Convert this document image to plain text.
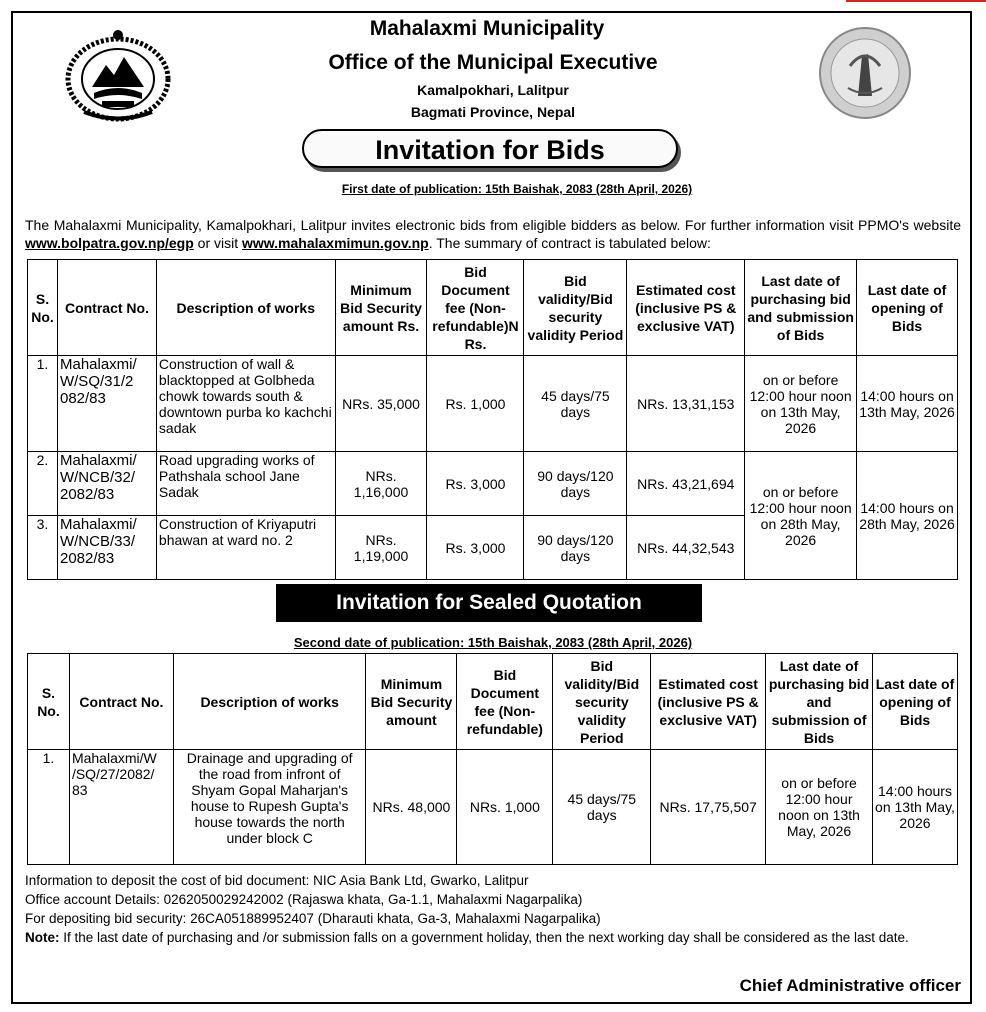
Mahalaxmi Municipality
Office of the Municipal Executive
Kamalpokhari, Lalitpur
Bagmati Province, Nepal
Invitation for Bids
First date of publication: 15th Baishak, 2083 (28th April, 2026)
The Mahalaxmi Municipality, Kamalpokhari, Lalitpur invites electronic bids from eligible bidders as below. For further information visit PPMO's website www.bolpatra.gov.np/egp or visit www.mahalaxmimun.gov.np. The summary of contract is tabulated below:
S. No.	Contract No.	Description of works	Minimum Bid Security amount Rs.	Bid Document fee (Non-refundable)N Rs.	Bid validity/Bid security validity Period	Estimated cost (inclusive PS & exclusive VAT)	Last date of purchasing bid and submission of Bids	Last date of opening of Bids
1.	Mahalaxmi/ W/SQ/31/2 082/83	Construction of wall & blacktopped at Golbheda chowk towards south & downtown purba ko kachchi sadak	NRs. 35,000	Rs. 1,000	45 days/75 days	NRs. 13,31,153	on or before 12:00 hour noon on 13th May, 2026	14:00 hours on 13th May, 2026
2.	Mahalaxmi/ W/NCB/32/ 2082/83	Road upgrading works of Pathshala school Jane Sadak	NRs. 1,16,000	Rs. 3,000	90 days/120 days	NRs. 43,21,694	on or before 12:00 hour noon on 28th May, 2026	14:00 hours on 28th May, 2026
3.	Mahalaxmi/ W/NCB/33/ 2082/83	Construction of Kriyaputri bhawan at ward no. 2	NRs. 1,19,000	Rs. 3,000	90 days/120 days	NRs. 44,32,543		
Invitation for Sealed Quotation
Second date of publication: 15th Baishak, 2083 (28th April, 2026)
S. No.	Contract No.	Description of works	Minimum Bid Security amount	Bid Document fee (Non-refundable)	Bid validity/Bid security validity Period	Estimated cost (inclusive PS & exclusive VAT)	Last date of purchasing bid and submission of Bids	Last date of opening of Bids
1.	Mahalaxmi/W /SQ/27/2082/ 83	Drainage and upgrading of the road from infront of Shyam Gopal Maharjan's house to Rupesh Gupta's house towards the north under block C	NRs. 48,000	NRs. 1,000	45 days/75 days	NRs. 17,75,507	on or before 12:00 hour noon on 13th May, 2026	14:00 hours on 13th May, 2026
Information to deposit the cost of bid document: NIC Asia Bank Ltd, Gwarko, Lalitpur
Office account Details: 0262050029242002 (Rajaswa khata, Ga-1.1, Mahalaxmi Nagarpalika)
For depositing bid security: 26CA051889952407 (Dharauti khata, Ga-3, Mahalaxmi Nagarpalika)
Note: If the last date of purchasing and /or submission falls on a government holiday, then the next working day shall be considered as the last date.
Chief Administrative officer
